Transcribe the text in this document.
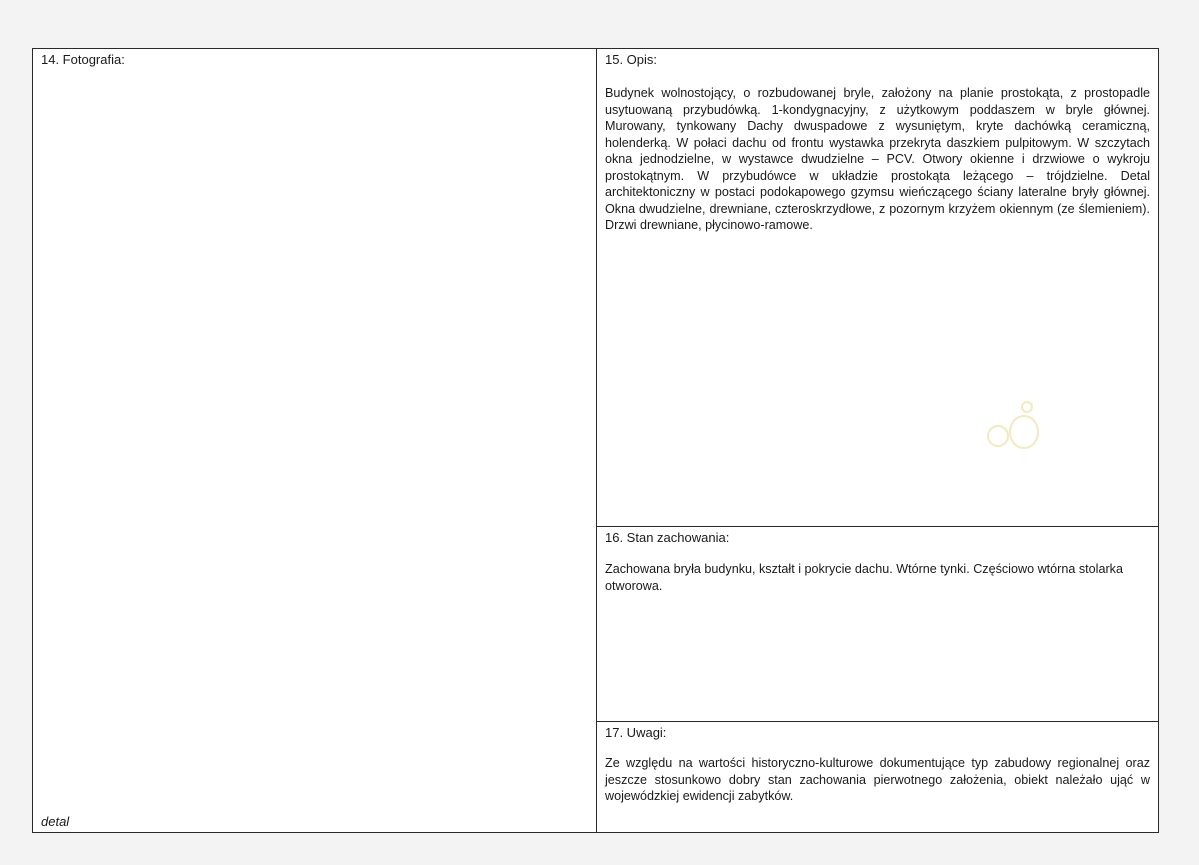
14. Fotografia:
detal
15. Opis:

Budynek wolnostojący, o rozbudowanej bryle, założony na planie prostokąta, z prostopadle usytuowaną przybudówką. 1-kondygnacyjny, z użytkowym poddaszem w bryle głównej. Murowany, tynkowany Dachy dwuspadowe z wysuniętym, kryte dachówką ceramiczną, holenderką. W połaci dachu od frontu wystawka przekryta daszkiem pulpitowym. W szczytach okna jednodzielne, w wystawce dwudzielne – PCV. Otwory okienne i drzwiowe o wykroju prostokątnym. W przybudówce w układzie prostokąta leżącego – trójdzielne. Detal architektoniczny w postaci podokapowego gzymsu wieńczącego ściany lateralne bryły głównej. Okna dwudzielne, drewniane, czteroskrzydłowe, z pozornym krzyżem okiennym (ze ślemieniem). Drzwi drewniane, płycinowo-ramowe.

16. Stan zachowania:

Zachowana bryła budynku, kształt i pokrycie dachu. Wtórne tynki. Częściowo wtórna stolarka otworowa.

17. Uwagi:

Ze względu na wartości historyczno-kulturowe dokumentujące typ zabudowy regionalnej oraz jeszcze stosunkowo dobry stan zachowania pierwotnego założenia, obiekt należało ująć w wojewódzkiej ewidencji zabytków.
